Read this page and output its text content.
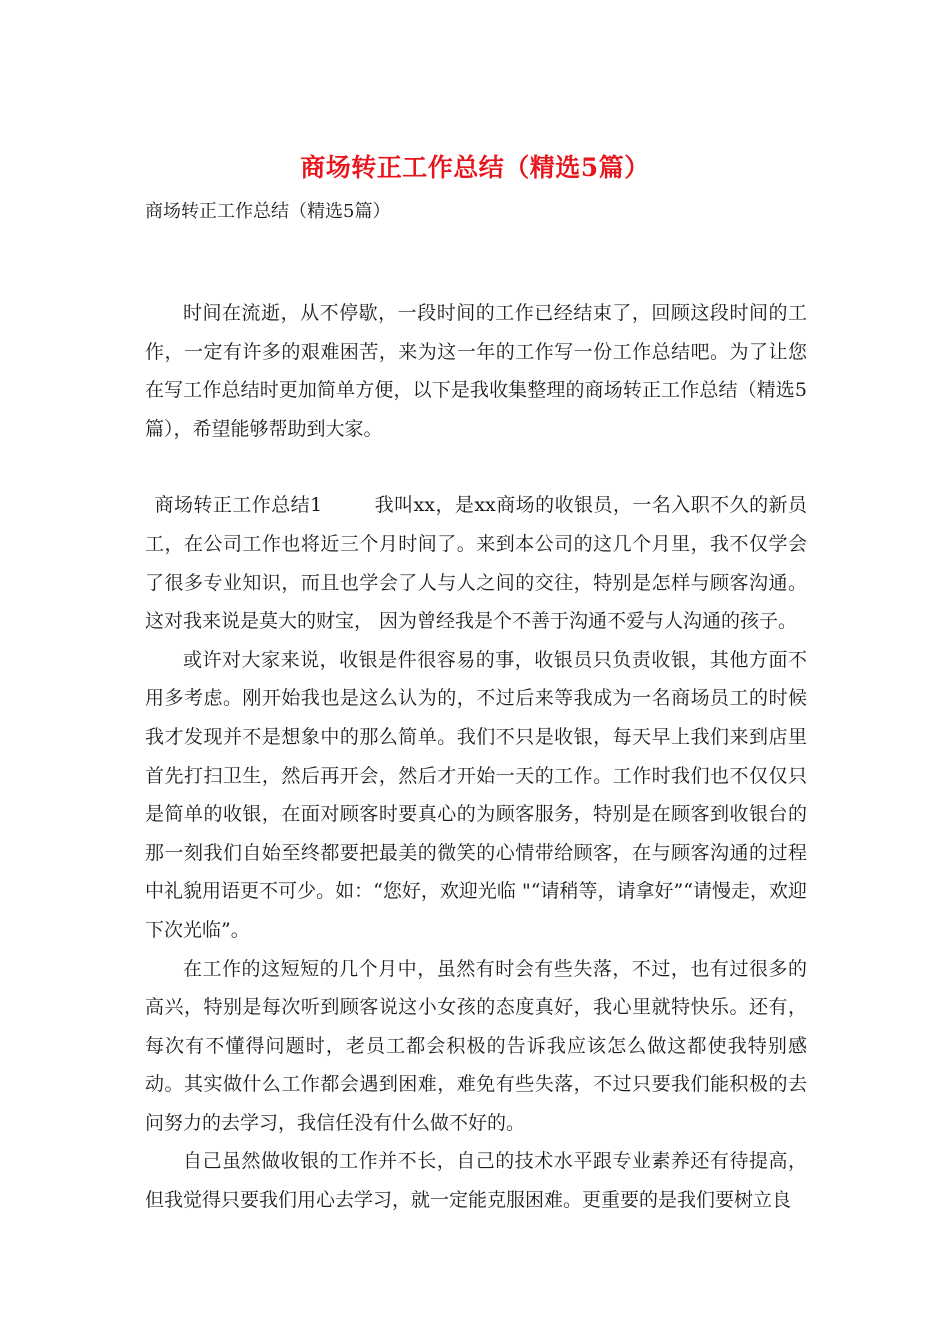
商场转正工作总结（精选5篇）
商场转正工作总结（精选5篇）

时间在流逝，从不停歇，一段时间的工作已经结束了，回顾这段时间的工作，一定有许多的艰难困苦，来为这一年的工作写一份工作总结吧。为了让您在写工作总结时更加简单方便，以下是我收集整理的商场转正工作总结（精选5篇），希望能够帮助到大家。

商场转正工作总结1	我叫xx，是xx商场的收银员，一名入职不久的新员工，在公司工作也将近三个月时间了。来到本公司的这几个月里，我不仅学会了很多专业知识，而且也学会了人与人之间的交往，特别是怎样与顾客沟通。这对我来说是莫大的财宝， 因为曾经我是个不善于沟通不爱与人沟通的孩子。

或许对大家来说，收银是件很容易的事，收银员只负责收银，其他方面不用多考虑。刚开始我也是这么认为的，不过后来等我成为一名商场员工的时候我才发现并不是想象中的那么简单。我们不只是收银，每天早上我们来到店里首先打扫卫生，然后再开会，然后才开始一天的工作。工作时我们也不仅仅只是简单的收银，在面对顾客时要真心的为顾客服务，特别是在顾客到收银台的那一刻我们自始至终都要把最美的微笑的心情带给顾客，在与顾客沟通的过程中礼貌用语更不可少。如：“您好，欢迎光临 "“请稍等，请拿好”“请慢走，欢迎下次光临”。

在工作的这短短的几个月中，虽然有时会有些失落，不过，也有过很多的高兴，特别是每次听到顾客说这小女孩的态度真好，我心里就特快乐。还有，每次有不懂得问题时，老员工都会积极的告诉我应该怎么做这都使我特别感动。其实做什么工作都会遇到困难，难免有些失落，不过只要我们能积极的去问努力的去学习，我信任没有什么做不好的。

自己虽然做收银的工作并不长，自己的技术水平跟专业素养还有待提高，但我觉得只要我们用心去学习，就一定能克服困难。更重要的是我们要树立良
